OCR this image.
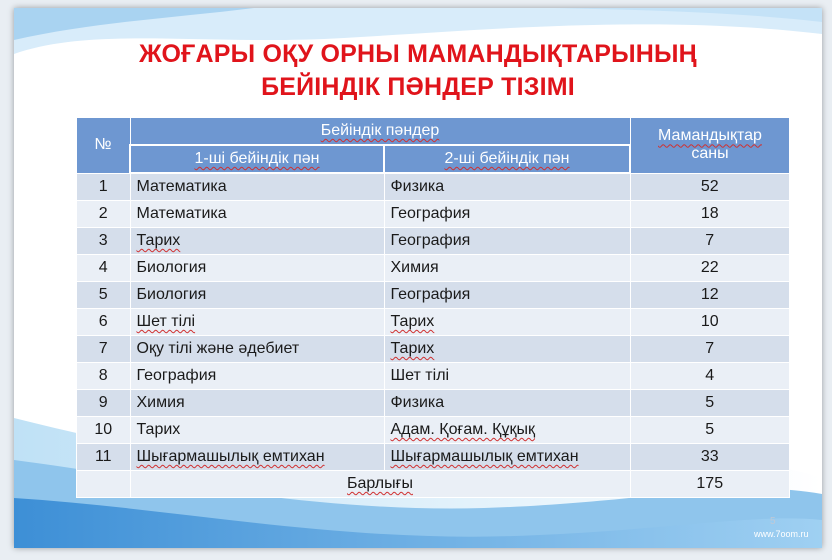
ЖОҒАРЫ ОҚУ ОРНЫ МАМАНДЫҚТАРЫНЫҢ
БЕЙІНДІК ПӘНДЕР ТІЗІМІ
№	Бейіндік пәндер		Мамандықтар
саны

	1-ші бейіндік пән	2-ші бейіндік пән	
1	Математика	Физика	52
2	Математика	География	18
3	Тарих	География	7
4	Биология	Химия	22
5	Биология	География	12
6	Шет тілі	Тарих	10
7	Оқу тілі және әдебиет	Тарих	7
8	География	Шет тілі	4
9	Химия	Физика	5
10	Тарих	Адам. Қоғам. Құқық	5
11	Шығармашылық емтихан	Шығармашылық емтихан	33
	Барлығы		175
5
www.7oom.ru
